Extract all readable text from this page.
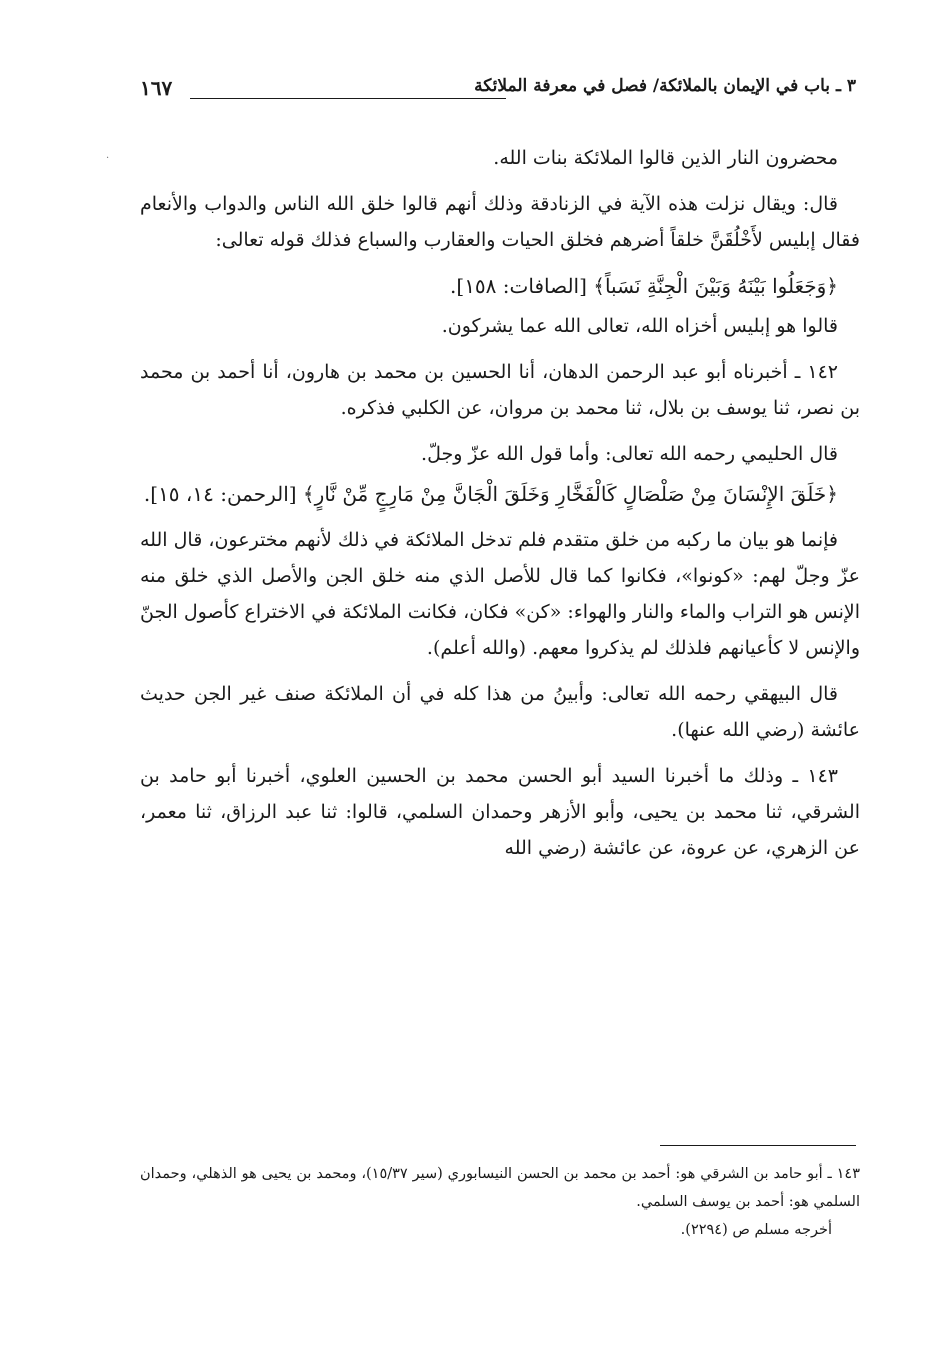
٣ ـ باب في الإيمان بالملائكة/ فصل في معرفة الملائكة
١٦٧
·	محضرون النار الذين قالوا الملائكة بنات الله.

قال: ويقال نزلت هذه الآية في الزنادقة وذلك أنهم قالوا خلق الله الناس والدواب والأنعام فقال إبليس لأَخْلُقَنَّ خلقاً أضرهم فخلق الحيات والعقارب والسباع فذلك قوله تعالى:

﴿وَجَعَلُوا بَيْنَهُ وَبَيْنَ الْجِنَّةِ نَسَباً﴾ [الصافات: ١٥٨].

قالوا هو إبليس أخزاه الله، تعالى الله عما يشركون.

١٤٢ ـ أخبرناه أبو عبد الرحمن الدهان، أنا الحسين بن محمد بن هارون، أنا أحمد بن محمد بن نصر، ثنا يوسف بن بلال، ثنا محمد بن مروان، عن الكلبي فذكره.

قال الحليمي رحمه الله تعالى: وأما قول الله عزّ وجلّ.

﴿خَلَقَ الإِنْسَانَ مِنْ صَلْصَالٍ كَالْفَخَّارِ وَخَلَقَ الْجَانَّ مِنْ مَارِجٍ مِّنْ نَّارٍ﴾ [الرحمن: ١٤، ١٥].

فإنما هو بيان ما ركبه من خلق متقدم فلم تدخل الملائكة في ذلك لأنهم مخترعون، قال الله عزّ وجلّ لهم: «كونوا»، فكانوا كما قال للأصل الذي منه خلق الجن والأصل الذي خلق منه الإنس هو التراب والماء والنار والهواء: «كن» فكان، فكانت الملائكة في الاختراع كأصول الجنّ والإنس لا كأعيانهم فلذلك لم يذكروا معهم. (والله أعلم).

قال البيهقي رحمه الله تعالى: وأبينُ من هذا كله في أن الملائكة صنف غير الجن حديث عائشة (رضي الله عنها).

١٤٣ ـ وذلك ما أخبرنا السيد أبو الحسن محمد بن الحسين العلوي، أخبرنا أبو حامد بن الشرقي، ثنا محمد بن يحيى، وأبو الأزهر وحمدان السلمي، قالوا: ثنا عبد الرزاق، ثنا معمر، عن الزهري، عن عروة، عن عائشة (رضي الله

١٤٣ ـ أبو حامد بن الشرقي هو: أحمد بن محمد بن الحسن النيسابوري (سير ١٥/٣٧)، ومحمد بن يحيى هو الذهلي، وحمدان السلمي هو: أحمد بن يوسف السلمي.

أخرجه مسلم ص (٢٢٩٤).
